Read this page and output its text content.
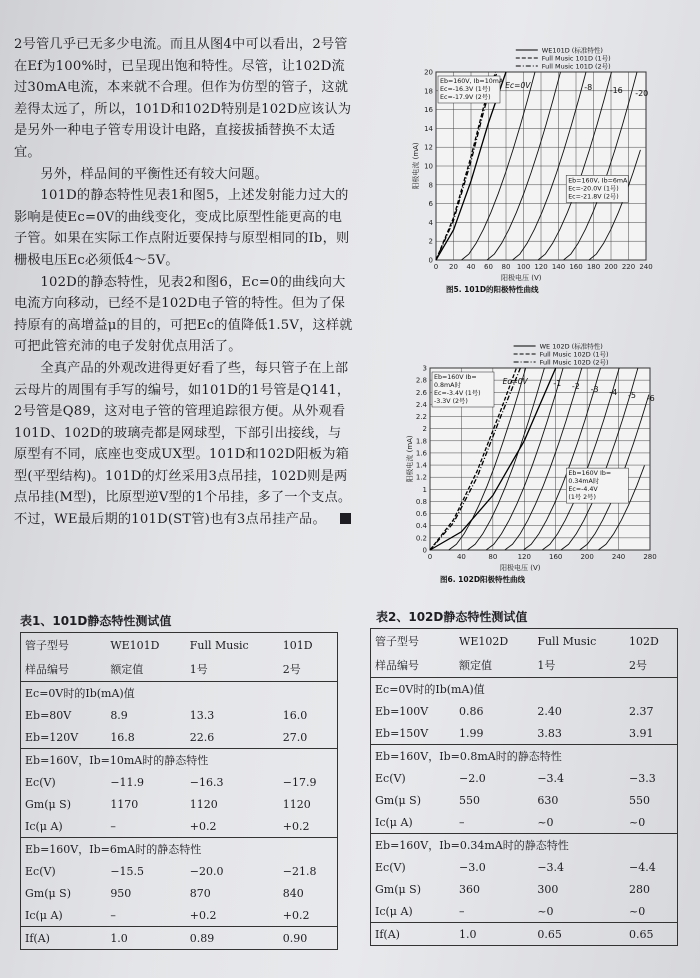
2号管几乎已无多少电流。而且从图4中可以看出，2号管在Ef为100%时，已呈现出饱和特性。尽管，让102D流过30mA电流，本来就不合理。但作为仿型的管子，这就差得太远了，所以，101D和102D特别是102D应该认为是另外一种电子管专用设计电路，直接拔插替换不太适宜。

另外，样品间的平衡性还有较大问题。

101D的静态特性见表1和图5，上述发射能力过大的影响是使Ec=0V的曲线变化，变成比原型性能更高的电子管。如果在实际工作点附近要保持与原型相同的Ib，则栅极电压Ec必须低4～5V。

102D的静态特性，见表2和图6，Ec=0的曲线向大电流方向移动，已经不是102D电子管的特性。但为了保持原有的高增益μ的目的，可把Ec的值降低1.5V，这样就可把此管充沛的电子发射优点用活了。

全真产品的外观改进得更好看了些，每只管子在上部云母片的周围有手写的编号，如101D的1号管是Q141，2号管是Q89，这对电子管的管理追踪很方便。从外观看101D、102D的玻璃壳都是网球型，下部引出接线，与原型有不同，底座也变成UX型。101D和102D阳板为箱型(平型结构)。101D的灯丝采用3点吊挂，102D则是两点吊挂(M型)，比原型逆V型的1个吊挂，多了一个支点。不过，WE最后期的101D(ST管)也有3点吊挂产品。

0 20 40 60 80 100 120 140 160 180 200 220 240
0
2
4
6
8
10
12
14
16
18
20
阳极电压 (V)
阳极电流 (mA)
-8 -16 -20
Ec=0V
WE101D (标准特性)
Full Music 101D (1号)
Full Music 101D (2号)
Eb=160V, Ib=10mA
Ec=-16.3V (1号)
Ec=-17.9V (2号)
Eb=160V, Ib=6mA
Ec=-20.0V (1号)
Ec=-21.8V (2号)
图5. 101D的阳极特性曲线
0	40	80	120	160	200	240	280
0
0.2
0.4
0.6
0.8
1
1.2
1.4
1.6
1.8
2
2.2
2.4
2.6
2.8
3
阳极电压 (V)
阳极电流 (mA)
-1 -2 -3 -4 -5 -6
Ec=0V
WE 102D (标准特性)
Full Music 102D (1号)
Full Music 102D (2号)
Eb=160V Ib=
0.8mA时
Ec=-3.4V (1号)
-3.3V (2号)
Eb=160V Ib=
0.34mA时
Ec=-4.4V
(1号 2号)
图6. 102D阳极特性曲线
表1、101D静态特性测试值
管子型号	WE101D	Full Music	101D
样品编号	额定值	1号	2号
Ec=0V时的Ib(mA)值			
Eb=80V	8.9	13.3	16.0
Eb=120V	16.8	22.6	27.0
Eb=160V，Ib=10mA时的静态特性			
Ec(V)	−11.9	−16.3	−17.9
Gm(μ S)	1170	1120	1120
Ic(μ A)	–	+0.2	+0.2
Eb=160V，Ib=6mA时的静态特性			
Ec(V)	−15.5	−20.0	−21.8
Gm(μ S)	950	870	840
Ic(μ A)	–	+0.2	+0.2
If(A)	1.0	0.89	0.90
表2、102D静态特性测试值
管子型号	WE102D	Full Music	102D
样品编号	额定值	1号	2号
Ec=0V时的Ib(mA)值			
Eb=100V	0.86	2.40	2.37
Eb=150V	1.99	3.83	3.91
Eb=160V，Ib=0.8mA时的静态特性			
Ec(V)	−2.0	−3.4	−3.3
Gm(μ S)	550	630	550
Ic(μ A)	–	~0	~0
Eb=160V，Ib=0.34mA时的静态特性			
Ec(V)	−3.0	−3.4	−4.4
Gm(μ S)	360	300	280
Ic(μ A)	–	~0	~0
If(A)	1.0	0.65	0.65
